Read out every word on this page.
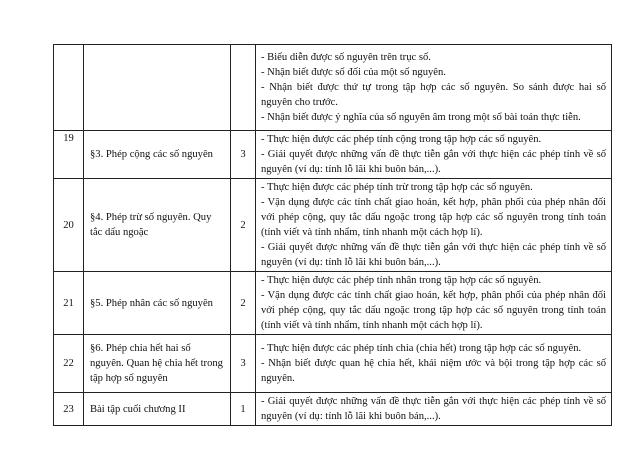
			- Biểu diễn được số nguyên trên trục số.
- Nhận biết được số đối của một số nguyên.
- Nhận biết được thứ tự trong tập hợp các số nguyên. So sánh được hai số nguyên cho trước.
- Nhận biết được ý nghĩa của số nguyên âm trong một số bài toán thực tiễn.

19	§3. Phép cộng các số nguyên	3	- Thực hiện được các phép tính cộng trong tập hợp các số nguyên.
- Giải quyết được những vấn đề thực tiễn gắn với thực hiện các phép tính về số nguyên (ví dụ: tính lỗ lãi khi buôn bán,...).

20	§4. Phép trừ số nguyên. Quy tắc dấu ngoặc	2	- Thực hiện được các phép tính trừ trong tập hợp các số nguyên.
- Vận dụng được các tính chất giao hoán, kết hợp, phân phối của phép nhân đối với phép cộng, quy tắc dấu ngoặc trong tập hợp các số nguyên trong tính toán (tính viết và tính nhẩm, tính nhanh một cách hợp lí).
- Giải quyết được những vấn đề thực tiễn gắn với thực hiện các phép tính về số nguyên (ví dụ: tính lỗ lãi khi buôn bán,...).

21	§5. Phép nhân các số nguyên	2	- Thực hiện được các phép tính nhân trong tập hợp các số nguyên.
- Vận dụng được các tính chất giao hoán, kết hợp, phân phối của phép nhân đối với phép cộng, quy tắc dấu ngoặc trong tập hợp các số nguyên trong tính toán (tính viết và tính nhẩm, tính nhanh một cách hợp lí).

22	§6. Phép chia hết hai số nguyên. Quan hệ chia hết trong tập hợp số nguyên	3	- Thực hiện được các phép tính chia (chia hết) trong tập hợp các số nguyên.
- Nhận biết được quan hệ chia hết, khái niệm ước và bội trong tập hợp các số nguyên.

23	Bài tập cuối chương II	1	- Giải quyết được những vấn đề thực tiễn gắn với thực hiện các phép tính về số nguyên (ví dụ: tính lỗ lãi khi buôn bán,...).
